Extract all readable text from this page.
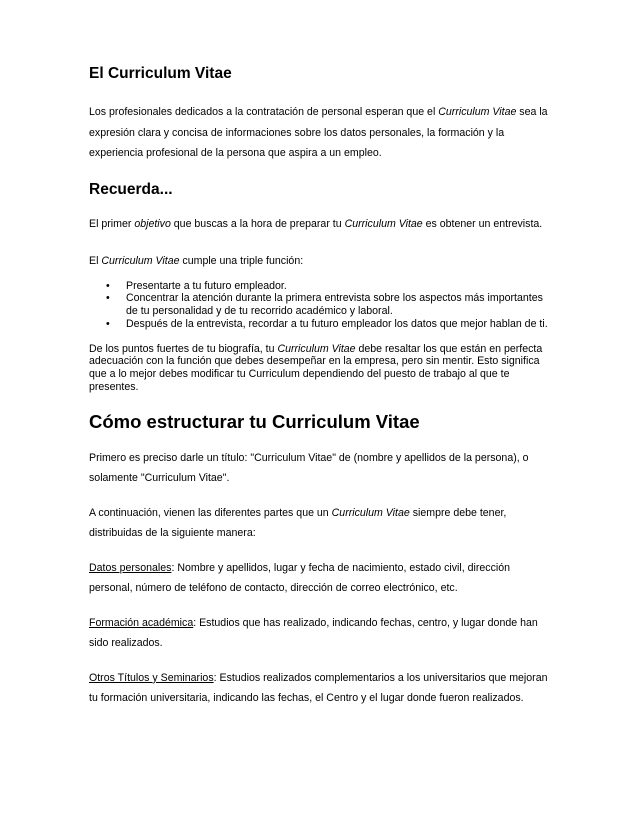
El Curriculum Vitae

Los profesionales dedicados a la contratación de personal esperan que el Curriculum Vitae sea la expresión clara y concisa de informaciones sobre los datos personales, la formación y la experiencia profesional de la persona que aspira a un empleo.

Recuerda...

El primer objetivo que buscas a la hora de preparar tu Curriculum Vitae es obtener un entrevista.

El Curriculum Vitae cumple una triple función:

• Presentarte a tu futuro empleador.
• Concentrar la atención durante la primera entrevista sobre los aspectos más importantes de tu personalidad y de tu recorrido académico y laboral.
• Después de la entrevista, recordar a tu futuro empleador los datos que mejor hablan de ti.

De los puntos fuertes de tu biografía, tu Curriculum Vitae debe resaltar los que están en perfecta adecuación con la función que debes desempeñar en la empresa, pero sin mentir. Esto significa que a lo mejor debes modificar tu Curriculum dependiendo del puesto de trabajo al que te presentes.

Cómo estructurar tu Curriculum Vitae

Primero es preciso darle un título: "Curriculum Vitae" de (nombre y apellidos de la persona), o solamente "Curriculum Vitae".

A continuación, vienen las diferentes partes que un Curriculum Vitae siempre debe tener, distribuidas de la siguiente manera:

Datos personales: Nombre y apellidos, lugar y fecha de nacimiento, estado civil, dirección personal, número de teléfono de contacto, dirección de correo electrónico, etc.

Formación académica: Estudios que has realizado, indicando fechas, centro, y lugar donde han sido realizados.

Otros Títulos y Seminarios: Estudios realizados complementarios a los universitarios que mejoran tu formación universitaria, indicando las fechas, el Centro y el lugar donde fueron realizados.
